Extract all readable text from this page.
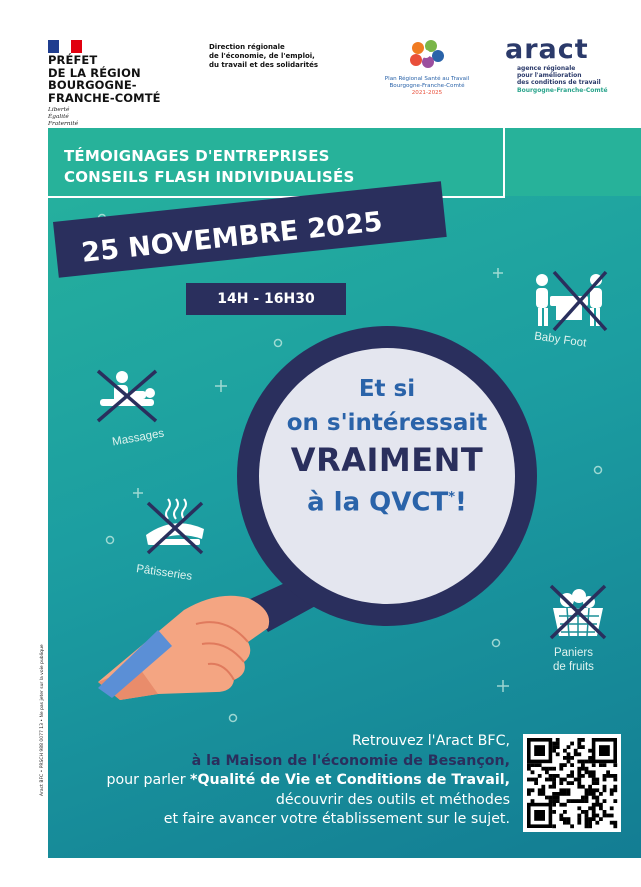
PRÉFET
DE LA RÉGION
BOURGOGNE-
FRANCHE-COMTÉ
Liberté
Égalité
Fraternité
Direction régionale
de l'économie, de l'emploi,
du travail et des solidarités
Plan Régional Santé au Travail
Bourgogne-Franche-Comté
2021-2025
aract
agence régionale
pour l'amélioration
des conditions de travail
Bourgogne-Franche-Comté
TÉMOIGNAGES D'ENTREPRISES
CONSEILS FLASH INDIVIDUALISÉS
25 NOVEMBRE 2025
14H - 16H30
Massages
Pâtisseries
Baby Foot
Paniers
de fruits
Et si
on s'intéressait
VRAIMENT
à la QVCT*!
Retrouvez l'Aract BFC,
à la Maison de l'économie de Besançon,
pour parler *Qualité de Vie et Conditions de Travail,
découvrir des outils et méthodes
et faire avancer votre établissement sur le sujet.
Aract BFC • PRSCH 988 0077 13 • Ne pas jeter sur la voie publique
